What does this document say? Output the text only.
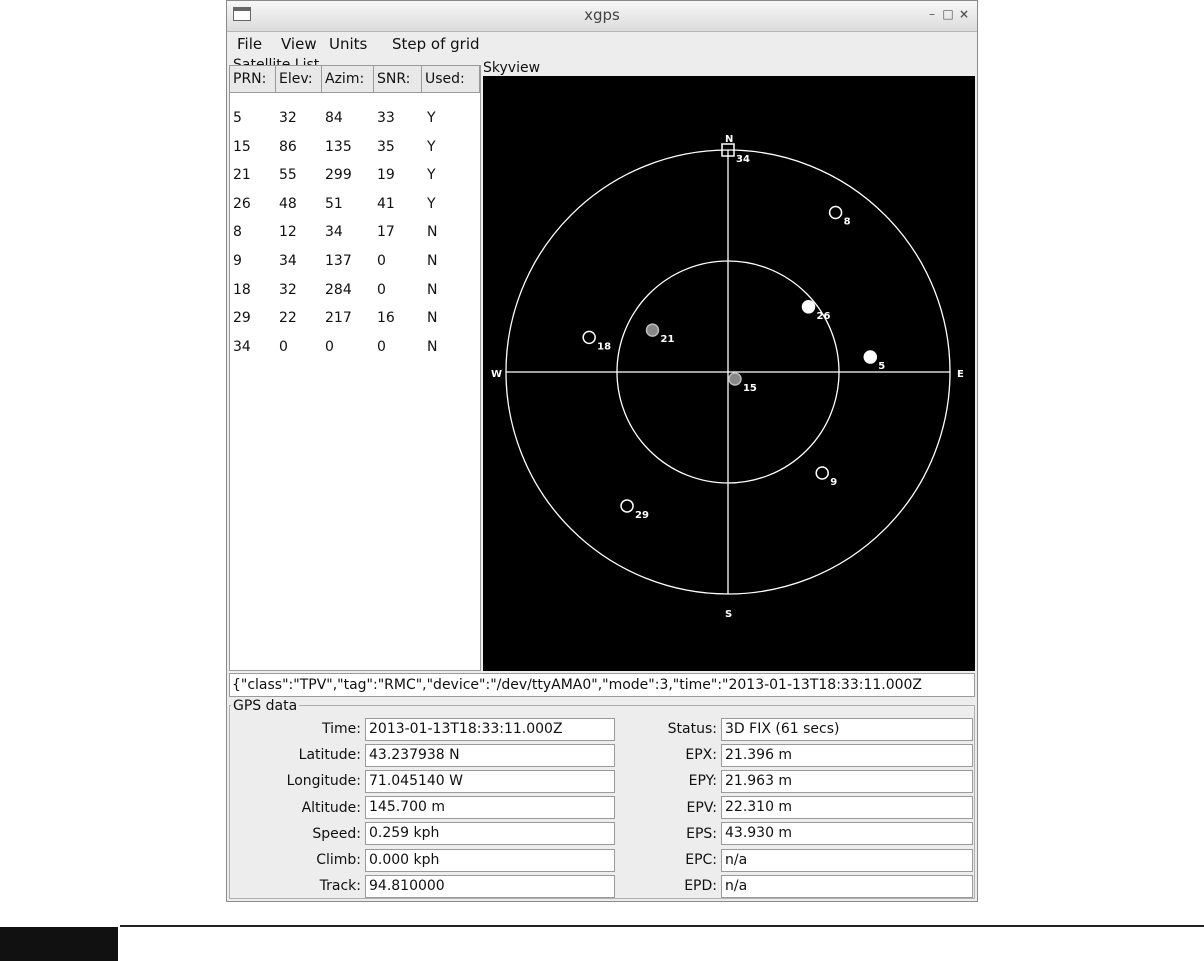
xgps	– □ ×
File View Units Step of grid
PRN: Elev: Azim: SNR:	Used:
5	32 84 33 Y
15 86 135 35 Y
21 55 299 19 Y
26 48 51 41 Y
8	12 34 17 N
9	34 137 0	N
18 32 284 0	N
29 22 217 16 N
34 0	0	0	N
Skyview
N
S
W	E
34
8
26
21
18
5
15
9
29
{"class":"TPV","tag":"RMC","device":"/dev/ttyAMA0","mode":3,"time":"2013-01-13T18:33:11.000Z
GPS data
Time: 2013-01-13T18:33:11.000Z
Latitude: 43.237938 N
Longitude: 71.045140 W
Altitude: 145.700 m
Speed: 0.259 kph
Climb: 0.000 kph
Track: 94.810000
Status: 3D FIX (61 secs)
EPX: 21.396 m
EPY: 21.963 m
EPV: 22.310 m
EPS: 43.930 m
EPC: n/a
EPD: n/a
